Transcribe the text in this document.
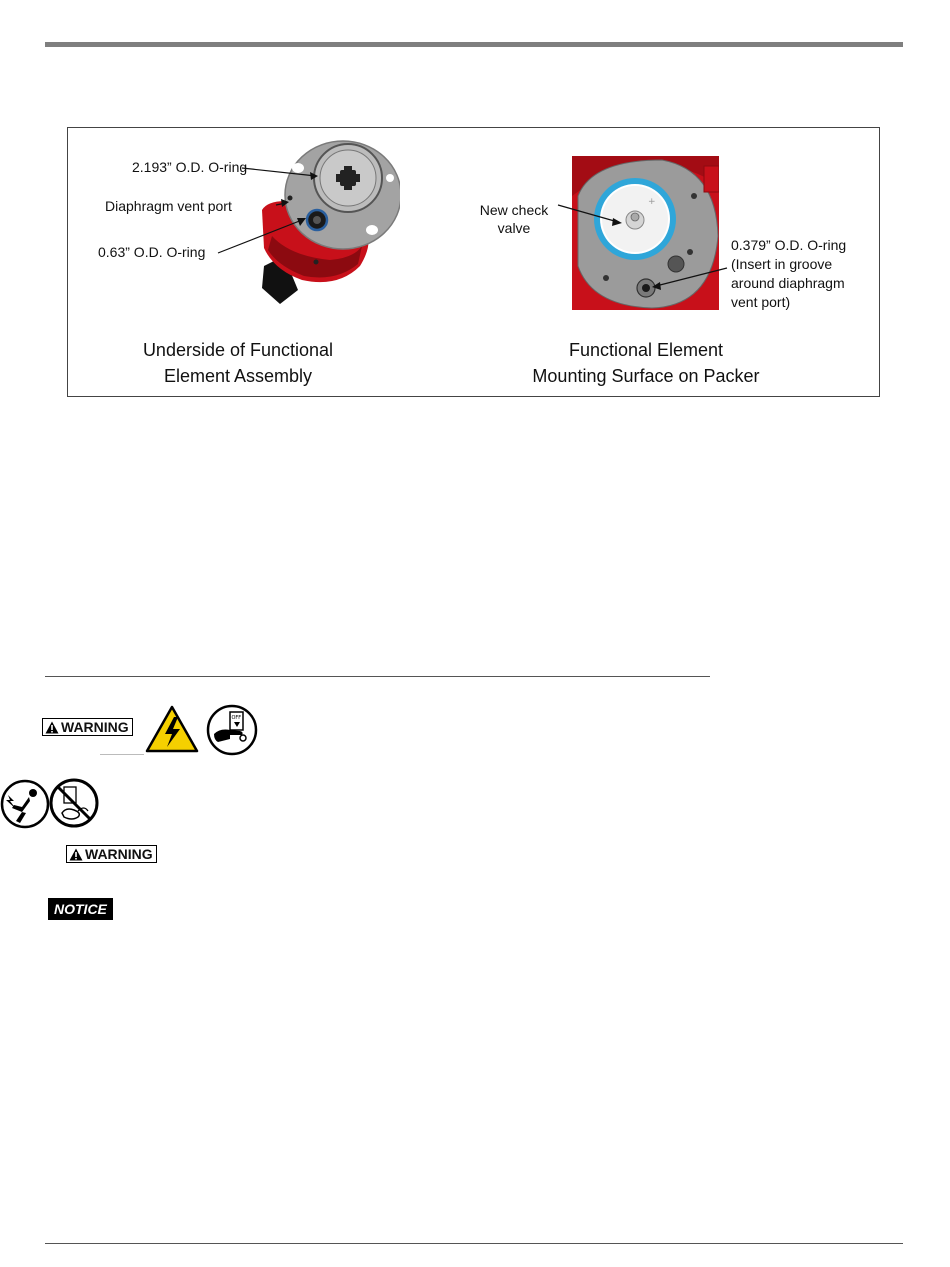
2.193” O.D. O-ring
Diaphragm vent port
0.63” O.D. O-ring
Underside of Functional
Element Assembly
+
New check
valve
0.379” O.D. O-ring
(Insert in groove
around diaphragm
vent port)
Functional Element
Mounting Surface on Packer
WARNING
OFF
WARNING
NOTICE
